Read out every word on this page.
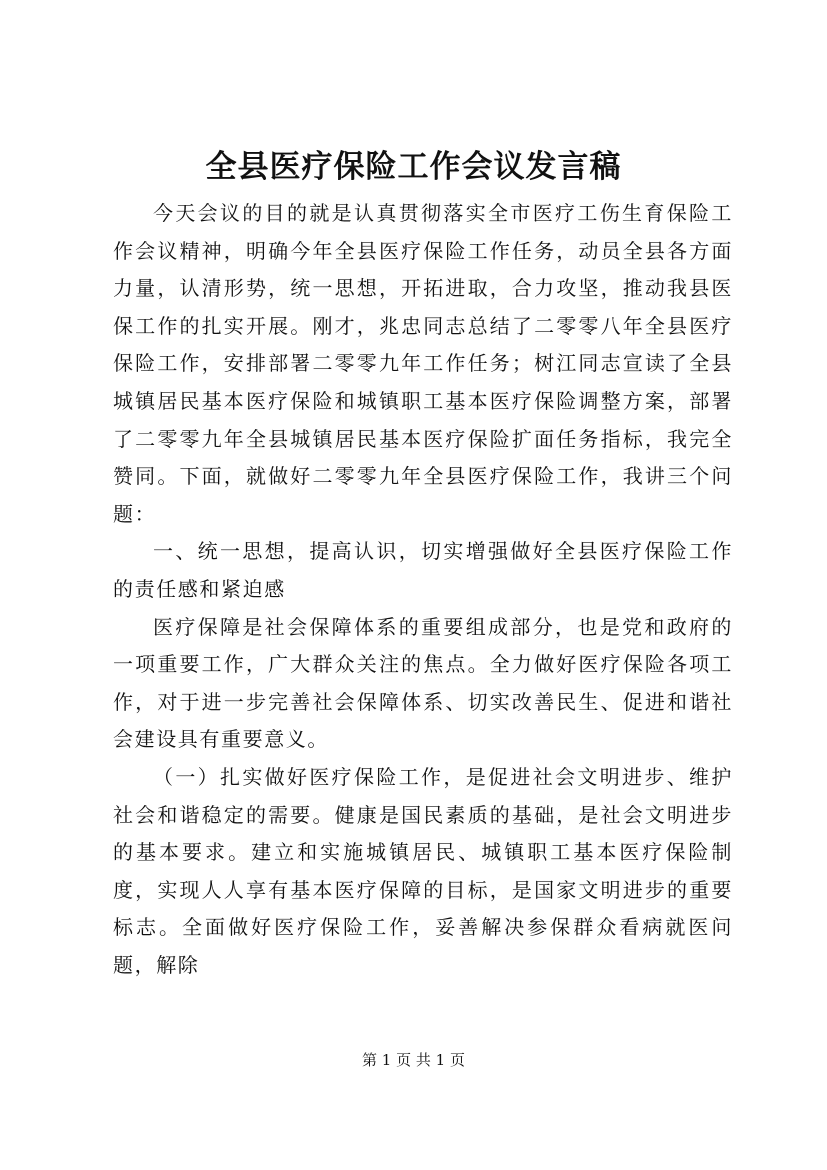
全县医疗保险工作会议发言稿

今天会议的目的就是认真贯彻落实全市医疗工伤生育保险工作会议精神，明确今年全县医疗保险工作任务，动员全县各方面力量，认清形势，统一思想，开拓进取，合力攻坚，推动我县医保工作的扎实开展。刚才，兆忠同志总结了二零零八年全县医疗保险工作，安排部署二零零九年工作任务；树江同志宣读了全县城镇居民基本医疗保险和城镇职工基本医疗保险调整方案，部署了二零零九年全县城镇居民基本医疗保险扩面任务指标，我完全赞同。下面，就做好二零零九年全县医疗保险工作，我讲三个问题：

一、统一思想，提高认识，切实增强做好全县医疗保险工作的责任感和紧迫感

医疗保障是社会保障体系的重要组成部分，也是党和政府的一项重要工作，广大群众关注的焦点。全力做好医疗保险各项工作，对于进一步完善社会保障体系、切实改善民生、促进和谐社会建设具有重要意义。

（一）扎实做好医疗保险工作，是促进社会文明进步、维护社会和谐稳定的需要。健康是国民素质的基础，是社会文明进步的基本要求。建立和实施城镇居民、城镇职工基本医疗保险制度，实现人人享有基本医疗保障的目标，是国家文明进步的重要标志。全面做好医疗保险工作，妥善解决参保群众看病就医问题，解除

第 1 页 共 1 页
